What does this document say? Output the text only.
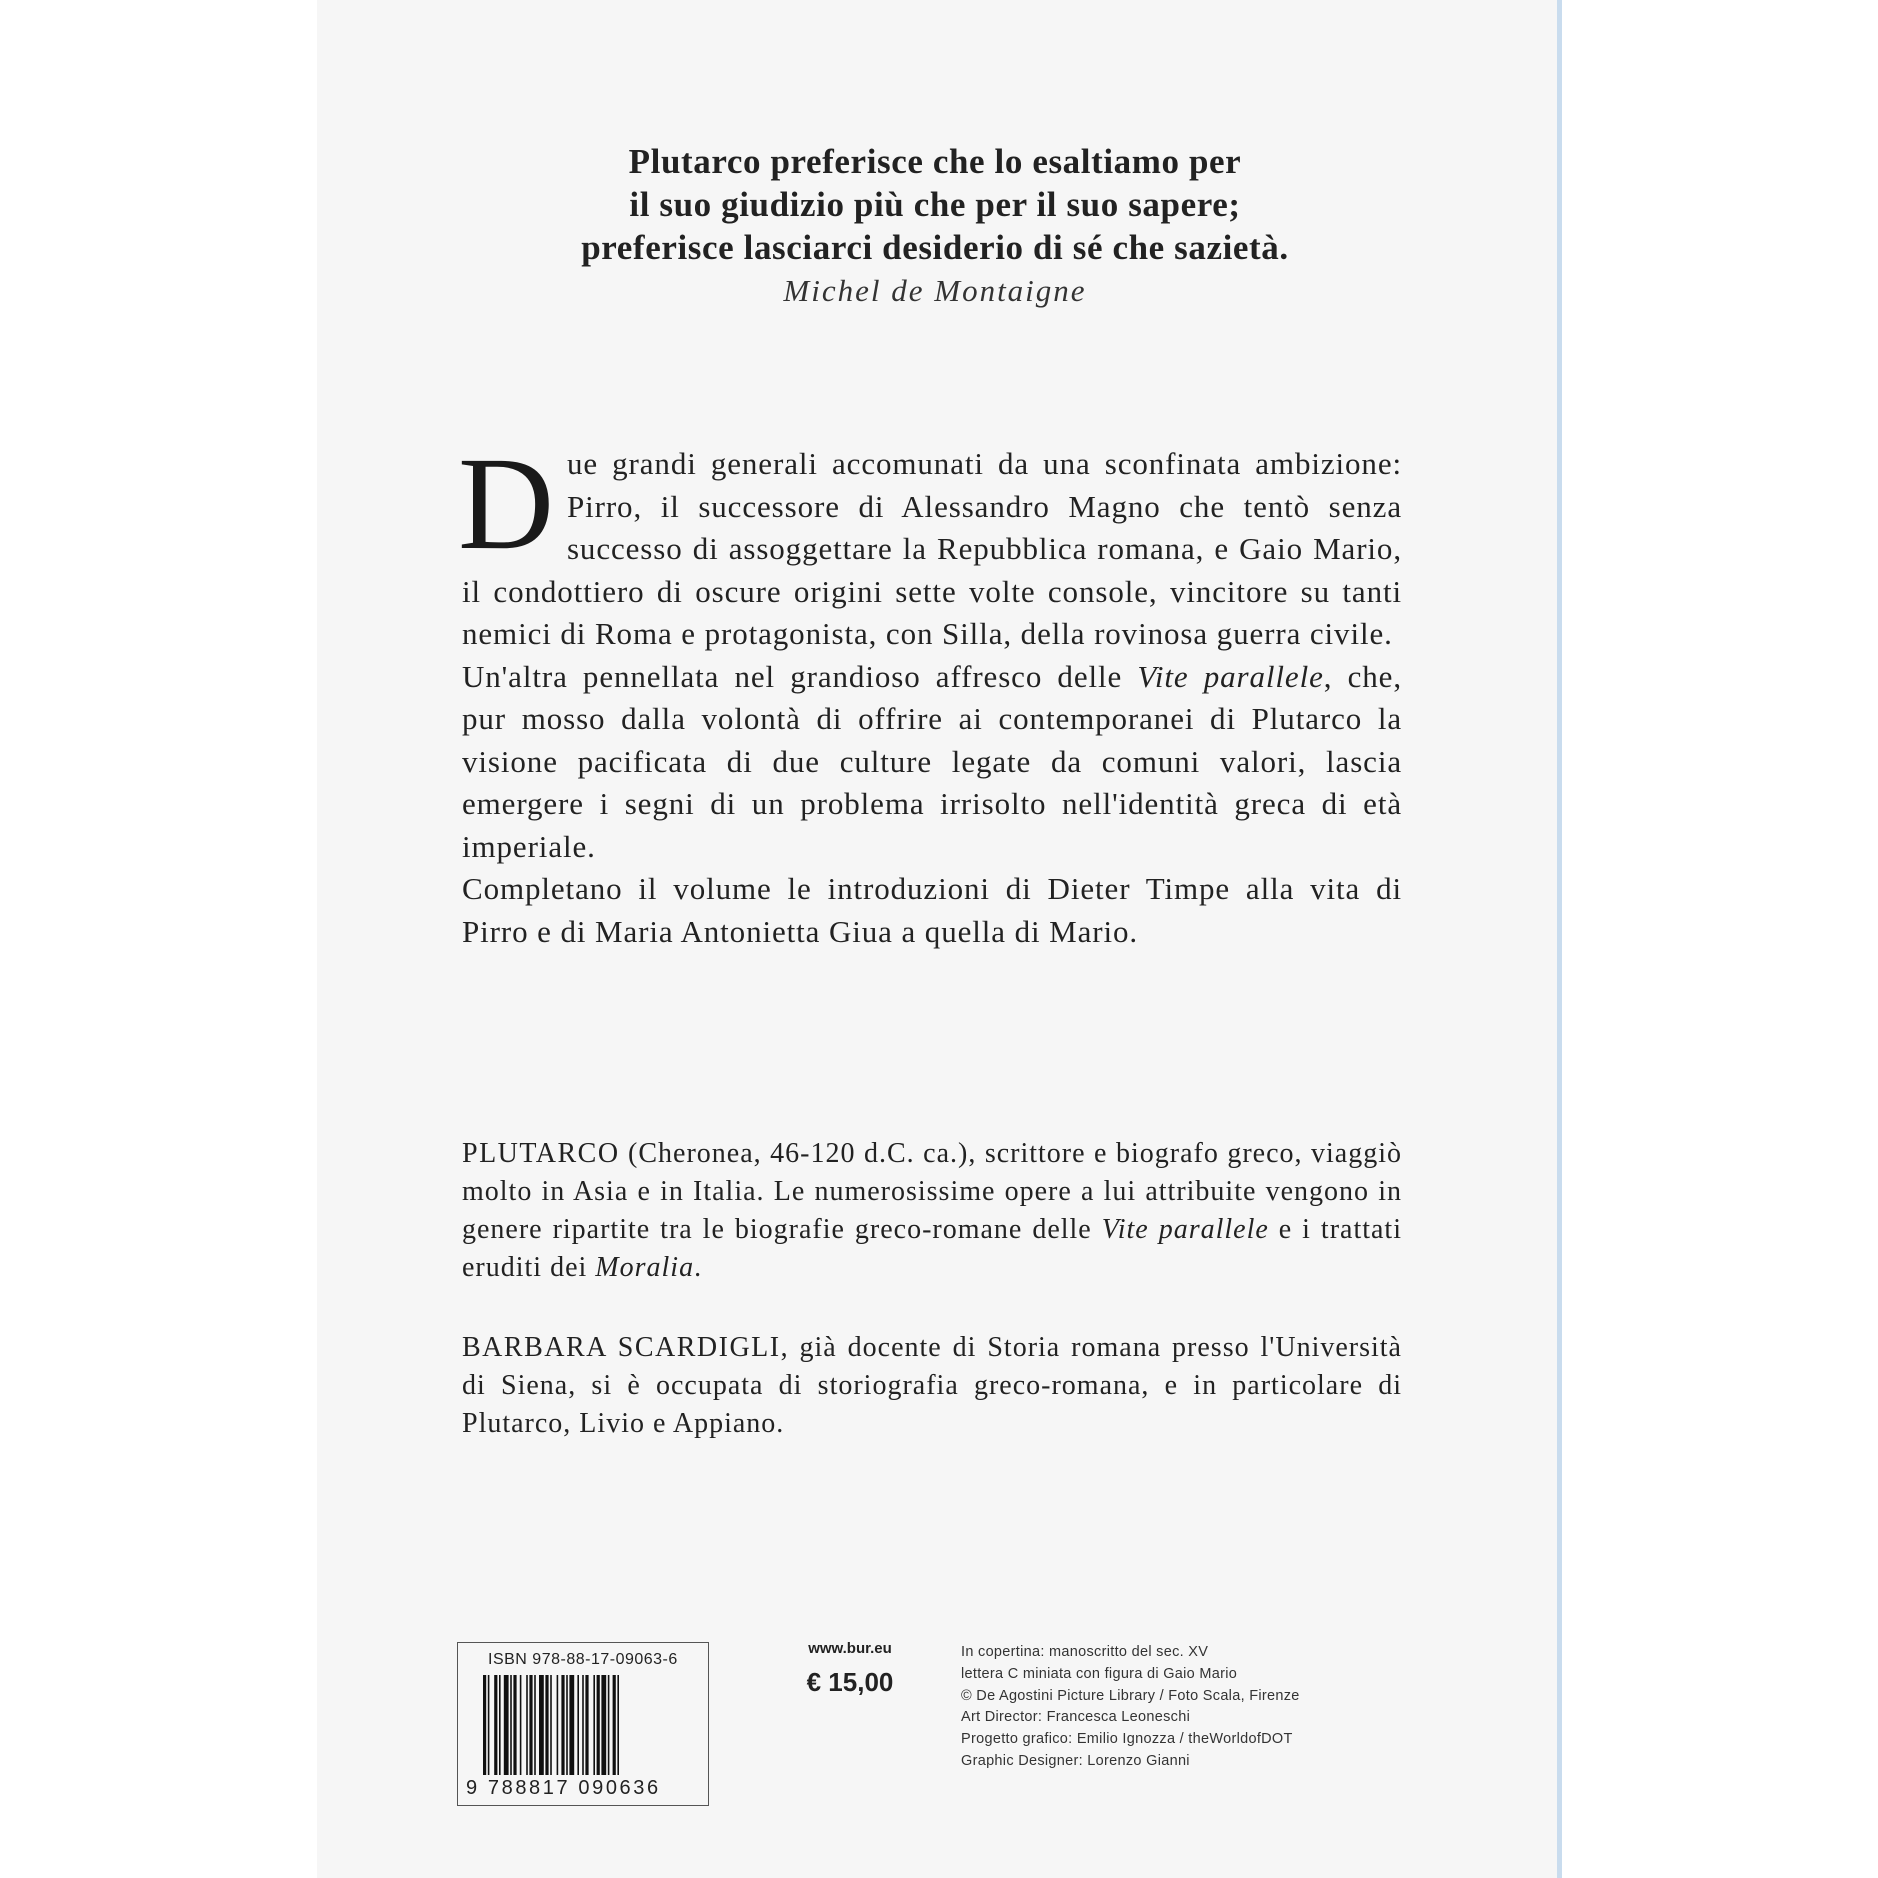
Plutarco preferisce che lo esaltiamo per
il suo giudizio più che per il suo sapere;
preferisce lasciarci desiderio di sé che sazietà.
Michel de Montaigne
Due grandi generali accomunati da una sconfinata ambizione: Pirro, il successore di Alessandro Magno che tentò senza successo di assoggettare la Repubblica romana, e Gaio Mario, il condottiero di oscure origini sette volte console, vincitore su tanti nemici di Roma e protagonista, con Silla, della rovinosa guerra civile.
Un'altra pennellata nel grandioso affresco delle Vite parallele, che, pur mosso dalla volontà di offrire ai contemporanei di Plutarco la visione pacificata di due culture legate da comuni valori, lascia emergere i segni di un problema irrisolto nell'identità greca di età imperiale.
Completano il volume le introduzioni di Dieter Timpe alla vita di Pirro e di Maria Antonietta Giua a quella di Mario.

PLUTARCO (Cheronea, 46-120 d.C. ca.), scrittore e biografo greco, viaggiò molto in Asia e in Italia. Le numerosissime opere a lui attribuite vengono in genere ripartite tra le biografie greco-romane delle Vite parallele e i trattati eruditi dei Moralia.

BARBARA SCARDIGLI, già docente di Storia romana presso l'Università di Siena, si è occupata di storiografia greco-romana, e in particolare di Plutarco, Livio e Appiano.

ISBN 978-88-17-09063-6
9 788817 090636
www.bur.eu
€ 15,00
In copertina: manoscritto del sec. XV
lettera C miniata con figura di Gaio Mario
© De Agostini Picture Library / Foto Scala, Firenze
Art Director: Francesca Leoneschi
Progetto grafico: Emilio Ignozza / theWorldofDOT
Graphic Designer: Lorenzo Gianni
